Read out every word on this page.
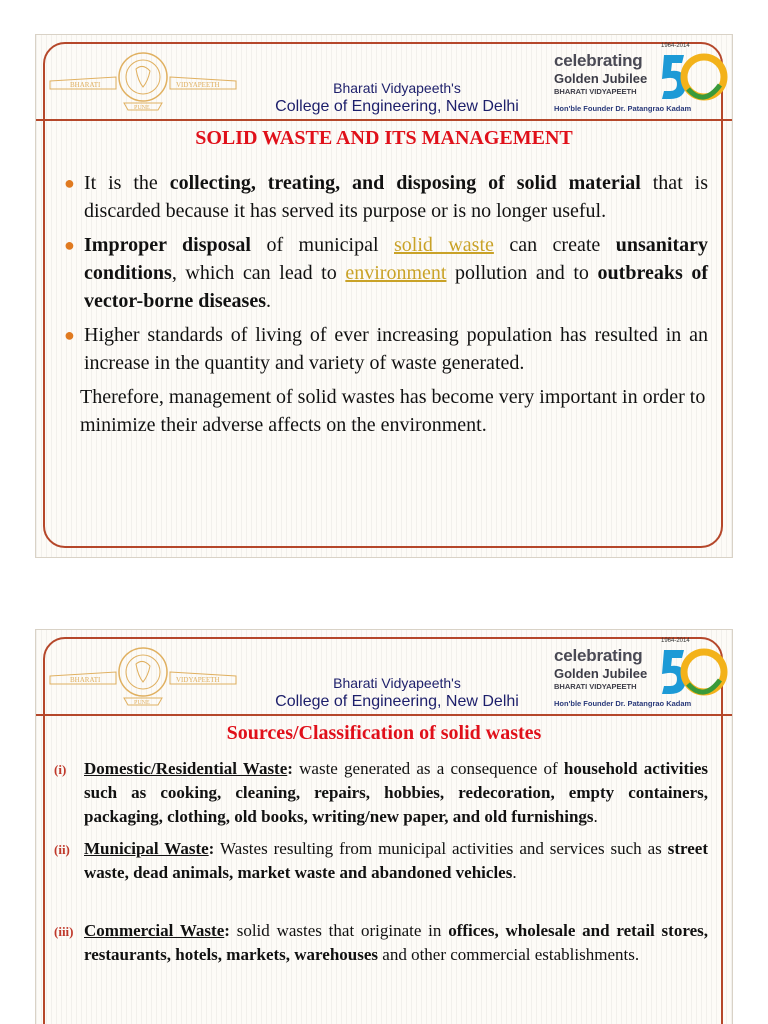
BHARATI	VIDYAPEETH
PUNE
Bharati Vidyapeeth's
College of Engineering, New Delhi
1964-2014
celebrating
Golden Jubilee
BHARATI VIDYAPEETH
Hon'ble Founder Dr. Patangrao Kadam
SOLID WASTE AND ITS MANAGEMENT
● It is the collecting, treating, and disposing of solid material that is discarded because it has served its purpose or is no longer useful.
● Improper disposal of municipal solid waste can create unsanitary conditions, which can lead to environment pollution and to outbreaks of vector-borne diseases.
● Higher standards of living of ever increasing population has resulted in an increase in the quantity and variety of waste generated.
Therefore, management of solid wastes has become very important in order to minimize their adverse affects on the environment.
BHARATI	VIDYAPEETH
PUNE
Bharati Vidyapeeth's
College of Engineering, New Delhi
1964-2014
celebrating
Golden Jubilee
BHARATI VIDYAPEETH
Hon'ble Founder Dr. Patangrao Kadam
Sources/Classification of solid wastes
(i) Domestic/Residential Waste: waste generated as a consequence of household activities such as cooking, cleaning, repairs, hobbies, redecoration, empty containers, packaging, clothing, old books, writing/new paper, and old furnishings.
(ii) Municipal Waste: Wastes resulting from municipal activities and services such as street waste, dead animals, market waste and abandoned vehicles.
(iii) Commercial Waste: solid wastes that originate in offices, wholesale and retail stores, restaurants, hotels, markets, warehouses and other commercial establishments.
